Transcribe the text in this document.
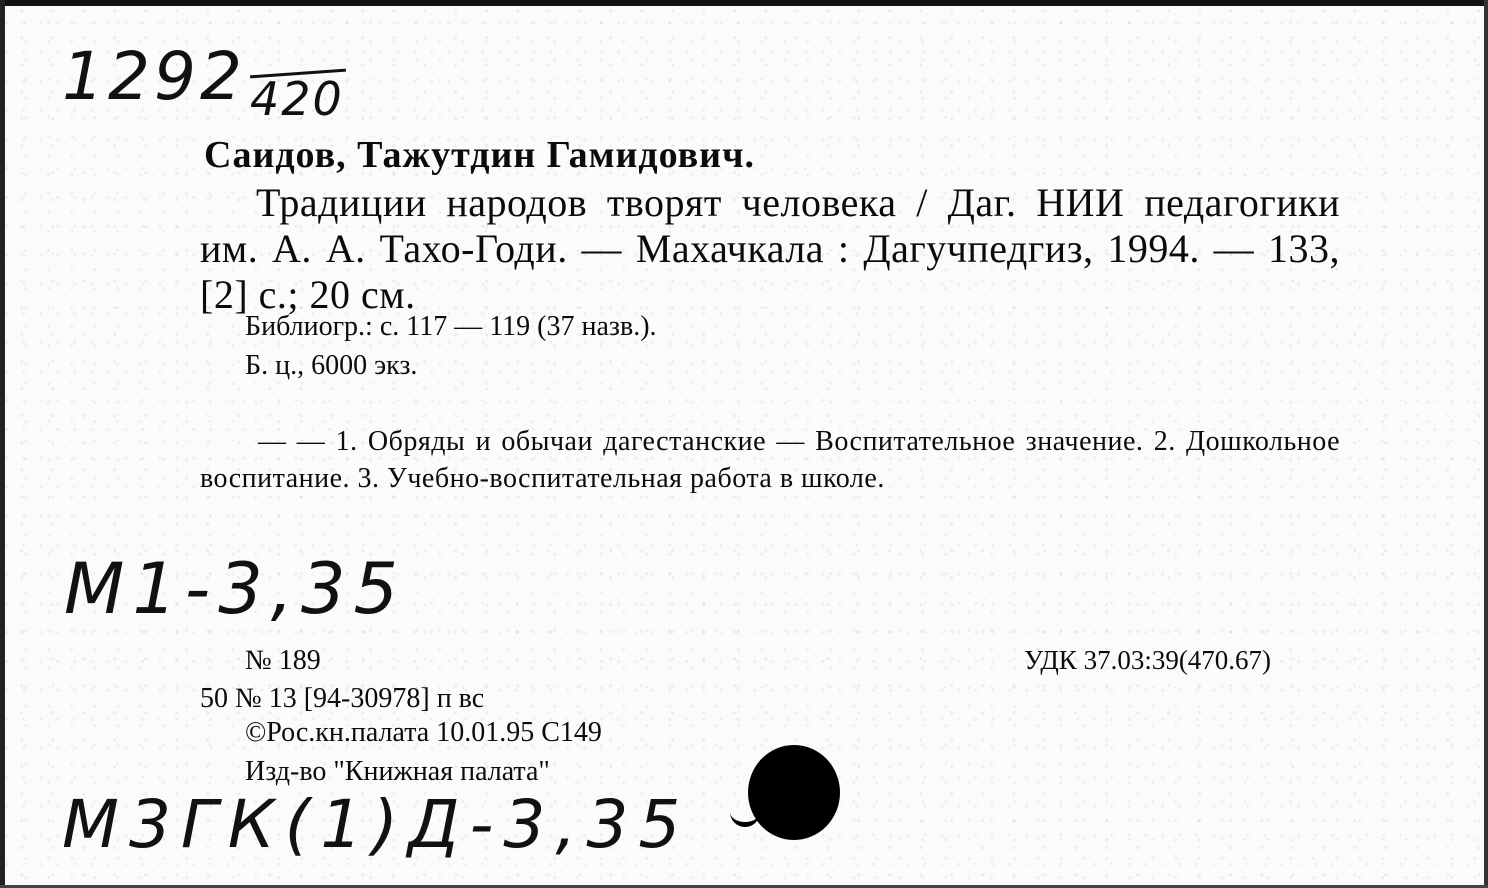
1292 420
Саидов, Тажутдин Гамидович.
Традиции народов творят человека / Даг. НИИ педагогики им. А. А. Тахо-Годи. — Махачкала : Дагучпедгиз, 1994. — 133,[2] с.; 20 см.
Библиогр.: с. 117 — 119 (37 назв.).
Б. ц., 6000 экз.
— — 1. Обряды и обычаи дагестанские — Воспитательное значение. 2. Дошкольное воспитание. 3. Учебно-воспитательная работа в школе.
M1-3,35
№ 189	УДК 37.03:39(470.67)
50 № 13 [94-30978] п вс
©Рос.кн.палата 10.01.95 С149
Изд-во "Книжная палата"
M3ГК(1)Д-3,35
